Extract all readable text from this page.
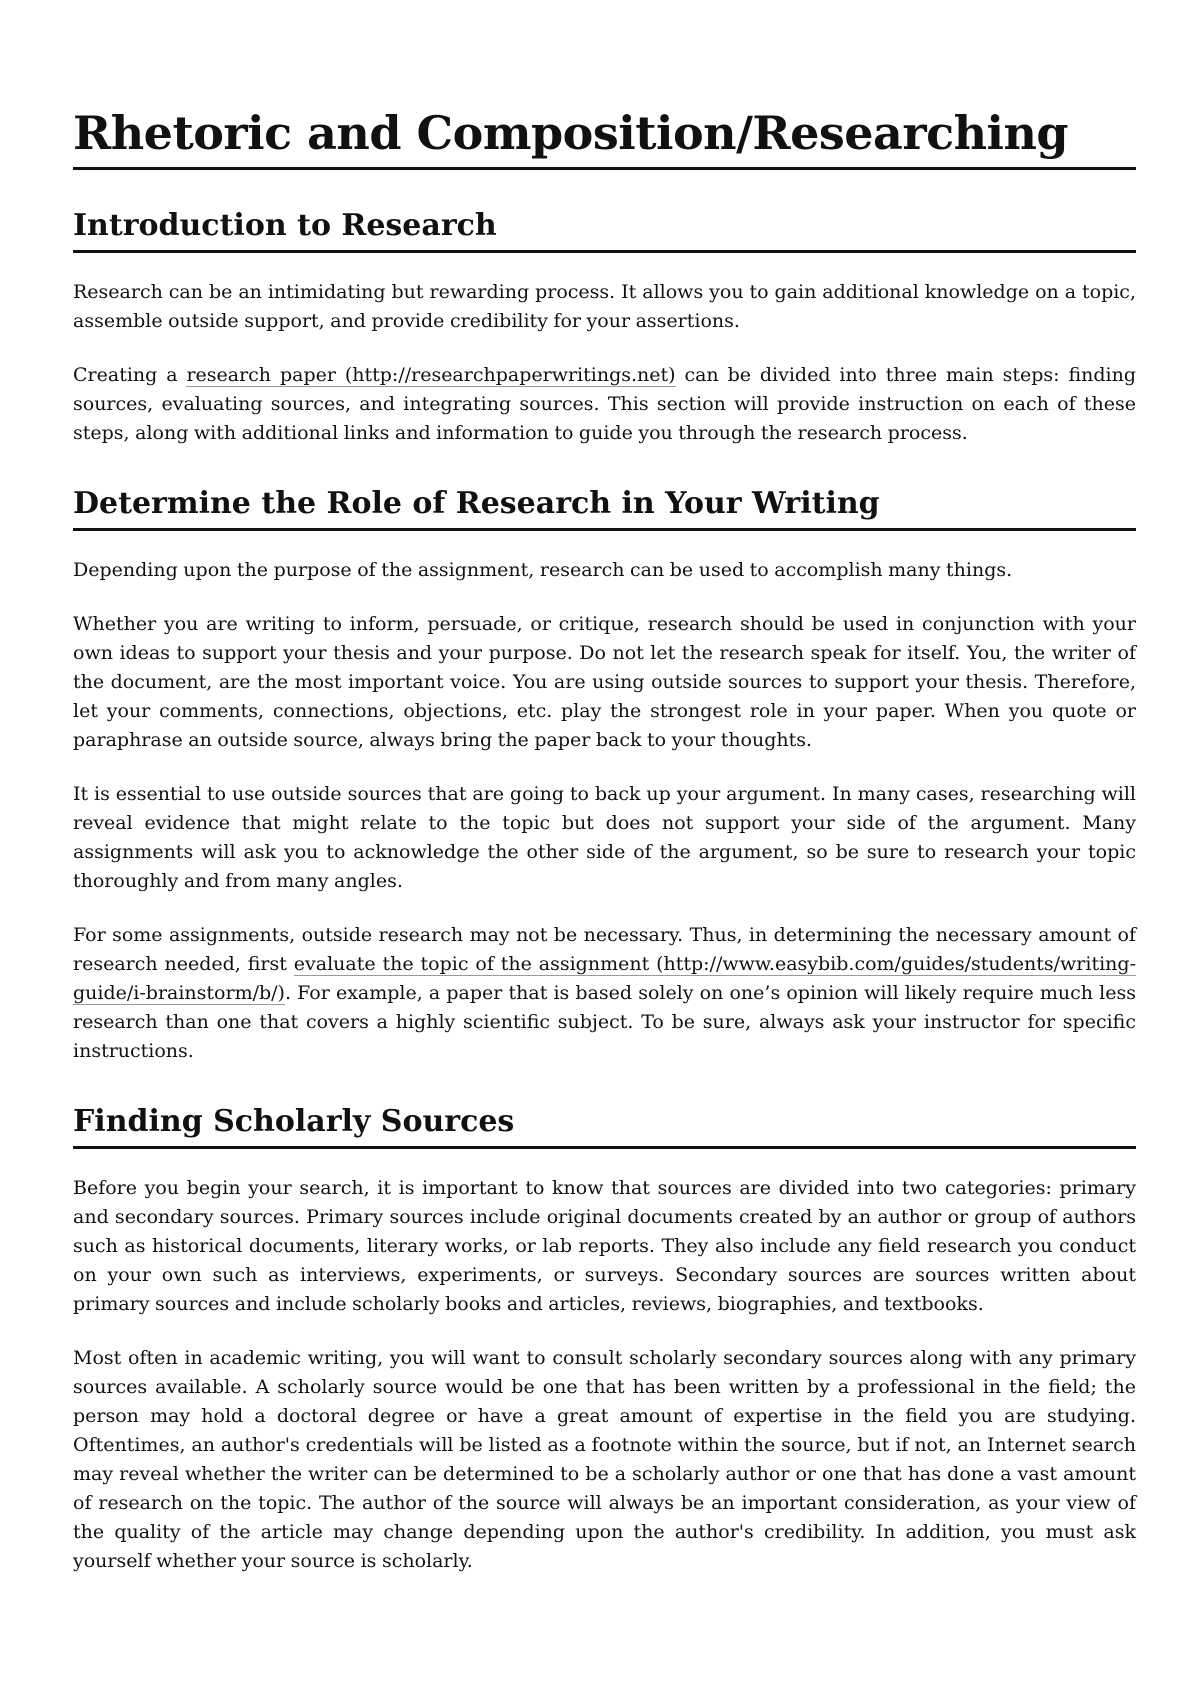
Rhetoric and Composition/Researching
Introduction to Research

Research can be an intimidating but rewarding process. It allows you to gain additional knowledge on a topic, assemble outside support, and provide credibility for your assertions.

Creating a research paper (http://researchpaperwritings.net) can be divided into three main steps: finding sources, evaluating sources, and integrating sources. This section will provide instruction on each of these steps, along with additional links and information to guide you through the research process.

Determine the Role of Research in Your Writing

Depending upon the purpose of the assignment, research can be used to accomplish many things.

Whether you are writing to inform, persuade, or critique, research should be used in conjunction with your own ideas to support your thesis and your purpose. Do not let the research speak for itself. You, the writer of the document, are the most important voice. You are using outside sources to support your thesis. Therefore, let your comments, connections, objections, etc. play the strongest role in your paper. When you quote or paraphrase an outside source, always bring the paper back to your thoughts.

It is essential to use outside sources that are going to back up your argument. In many cases, researching will reveal evidence that might relate to the topic but does not support your side of the argument. Many assignments will ask you to acknowledge the other side of the argument, so be sure to research your topic thoroughly and from many angles.

For some assignments, outside research may not be necessary. Thus, in determining the necessary amount of research needed, first evaluate the topic of the assignment (http://www.easybib.com/guides/students/writing-guide/i-brainstorm/b/). For example, a paper that is based solely on one’s opinion will likely require much less research than one that covers a highly scientific subject. To be sure, always ask your instructor for specific instructions.

Finding Scholarly Sources

Before you begin your search, it is important to know that sources are divided into two categories: primary and secondary sources. Primary sources include original documents created by an author or group of authors such as historical documents, literary works, or lab reports. They also include any field research you conduct on your own such as interviews, experiments, or surveys. Secondary sources are sources written about primary sources and include scholarly books and articles, reviews, biographies, and textbooks.

Most often in academic writing, you will want to consult scholarly secondary sources along with any primary sources available. A scholarly source would be one that has been written by a professional in the field; the person may hold a doctoral degree or have a great amount of expertise in the field you are studying. Oftentimes, an author's credentials will be listed as a footnote within the source, but if not, an Internet search may reveal whether the writer can be determined to be a scholarly author or one that has done a vast amount of research on the topic. The author of the source will always be an important consideration, as your view of the quality of the article may change depending upon the author's credibility. In addition, you must ask yourself whether your source is scholarly.
